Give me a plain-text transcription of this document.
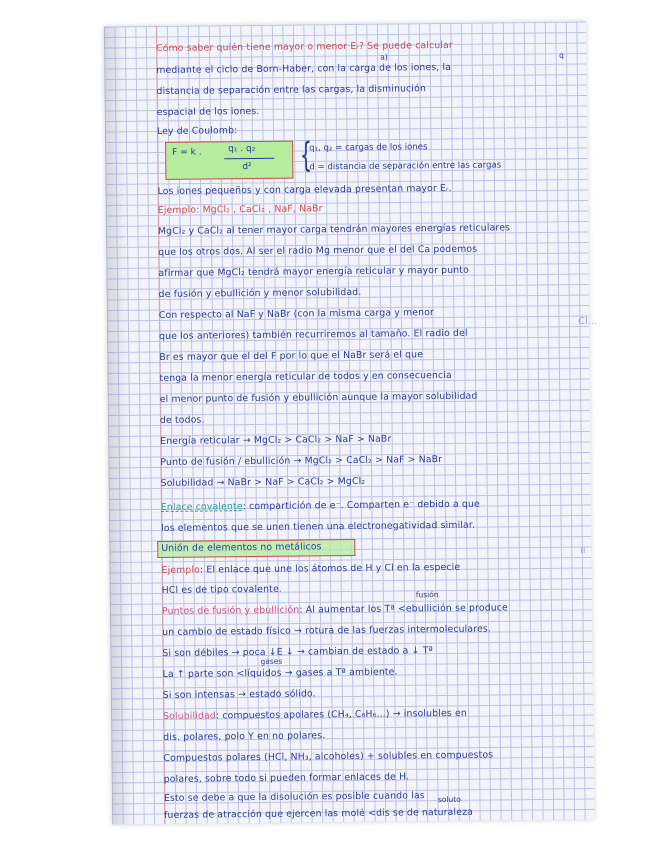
Cómo saber quién tiene mayor o menor Eᵣ? Se puede calcular
a)	q
mediante el ciclo de Born-Haber, con la carga de los iones, la
distancia de separación entre las cargas, la disminución
espacial de los iones.
Ley de Coulomb:
F = k .	q₁ . q₂
d² {
q₁, q₂ = cargas de los iones
d = distancia de separación entre las cargas
Los iones pequeños y con carga elevada presentan mayor Eᵣ.
Ejemplo: MgCl₂ , CaCl₂ , NaF, NaBr
MgCl₂ y CaCl₂ al tener mayor carga tendrán mayores energías reticulares
que los otros dos. Al ser el radio Mg menor que el del Ca podemos
afirmar que MgCl₂ tendrá mayor energía reticular y mayor punto
de fusión y ebullición y menor solubilidad.
Con respecto al NaF y NaBr (con la misma carga y menor
que los anteriores) también recurriremos al tamaño. El radio del
Br es mayor que el del F por lo que el NaBr será el que
tenga la menor energía reticular de todos y en consecuencia
el menor punto de fusión y ebullición aunque la mayor solubilidad
de todos.
Energía reticular → MgCl₂ > CaCl₂ > NaF > NaBr
Punto de fusión / ebullición → MgCl₂ > CaCl₂ > NaF > NaBr
Solubilidad → NaBr > NaF > CaCl₂ > MgCl₂
Enlace covalente: compartición de e⁻. Comparten e⁻ debido a que
los elementos que se unen tienen una electronegatividad similar.
Unión de elementos no metálicos
Ejemplo: El enlace que une los átomos de H y Cl en la especie
HCl es de tipo covalente.	fusión
Puntos de fusión y ebullición: Al aumentar los Tª <ebullición se produce
un cambio de estado físico → rotura de las fuerzas intermoleculares.
Si son débiles → poca ↓E ↓ → cambian de estado a ↓ Tª
gases
La ↑ parte son <líquidos → gases a Tª ambiente.
Si son intensas → estado sólido.
Solubilidad: compuestos apolares (CH₄, C₆H₆...) → insolubles en
dis. polares, polo Y en no polares.
Compuestos polares (HCl, NH₃, alcoholes) + solubles en compuestos
polares, sobre todo si pueden formar enlaces de H.
Esto se debe a que la disolución es posible cuando las	soluto
fuerzas de atracción que ejercen las molé <dis se de naturaleza
Cl...
ıı
